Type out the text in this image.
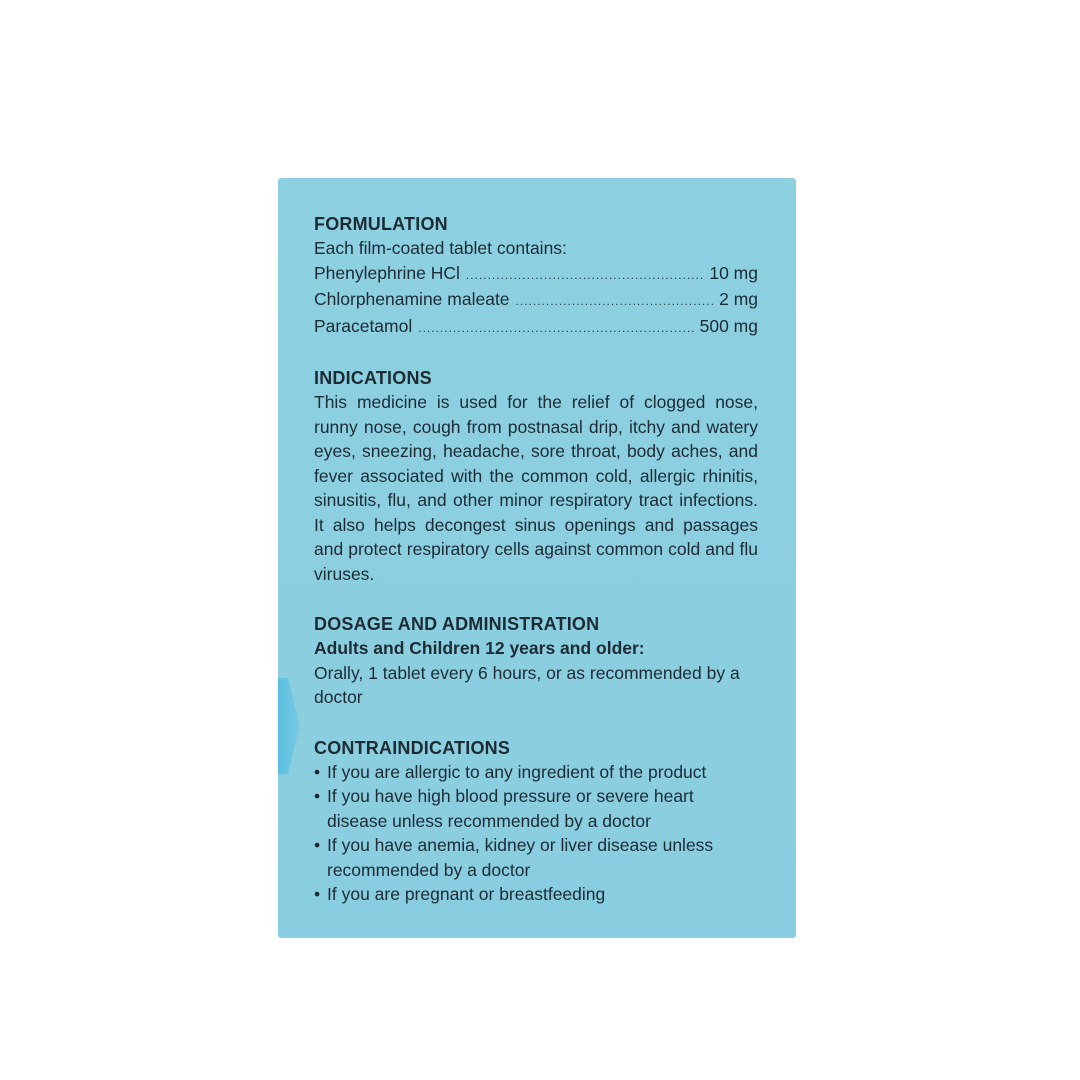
FORMULATION
Each film-coated tablet contains:
Phenylephrine HCl .....	10 mg
Chlorphenamine maleate .....	2 mg
Paracetamol .....	500 mg
INDICATIONS
This medicine is used for the relief of clogged nose, runny nose, cough from postnasal drip, itchy and watery eyes, sneezing, headache, sore throat, body aches, and fever associated with the common cold, allergic rhinitis, sinusitis, flu, and other minor respiratory tract infections. It also helps decongest sinus openings and passages and protect respiratory cells against common cold and flu viruses.
DOSAGE AND ADMINISTRATION
Adults and Children 12 years and older:
Orally, 1 tablet every 6 hours, or as recommended by a doctor
CONTRAINDICATIONS
• If you are allergic to any ingredient of the product
• If you have high blood pressure or severe heart disease unless recommended by a doctor
• If you have anemia, kidney or liver disease unless recommended by a doctor
• If you are pregnant or breastfeeding
